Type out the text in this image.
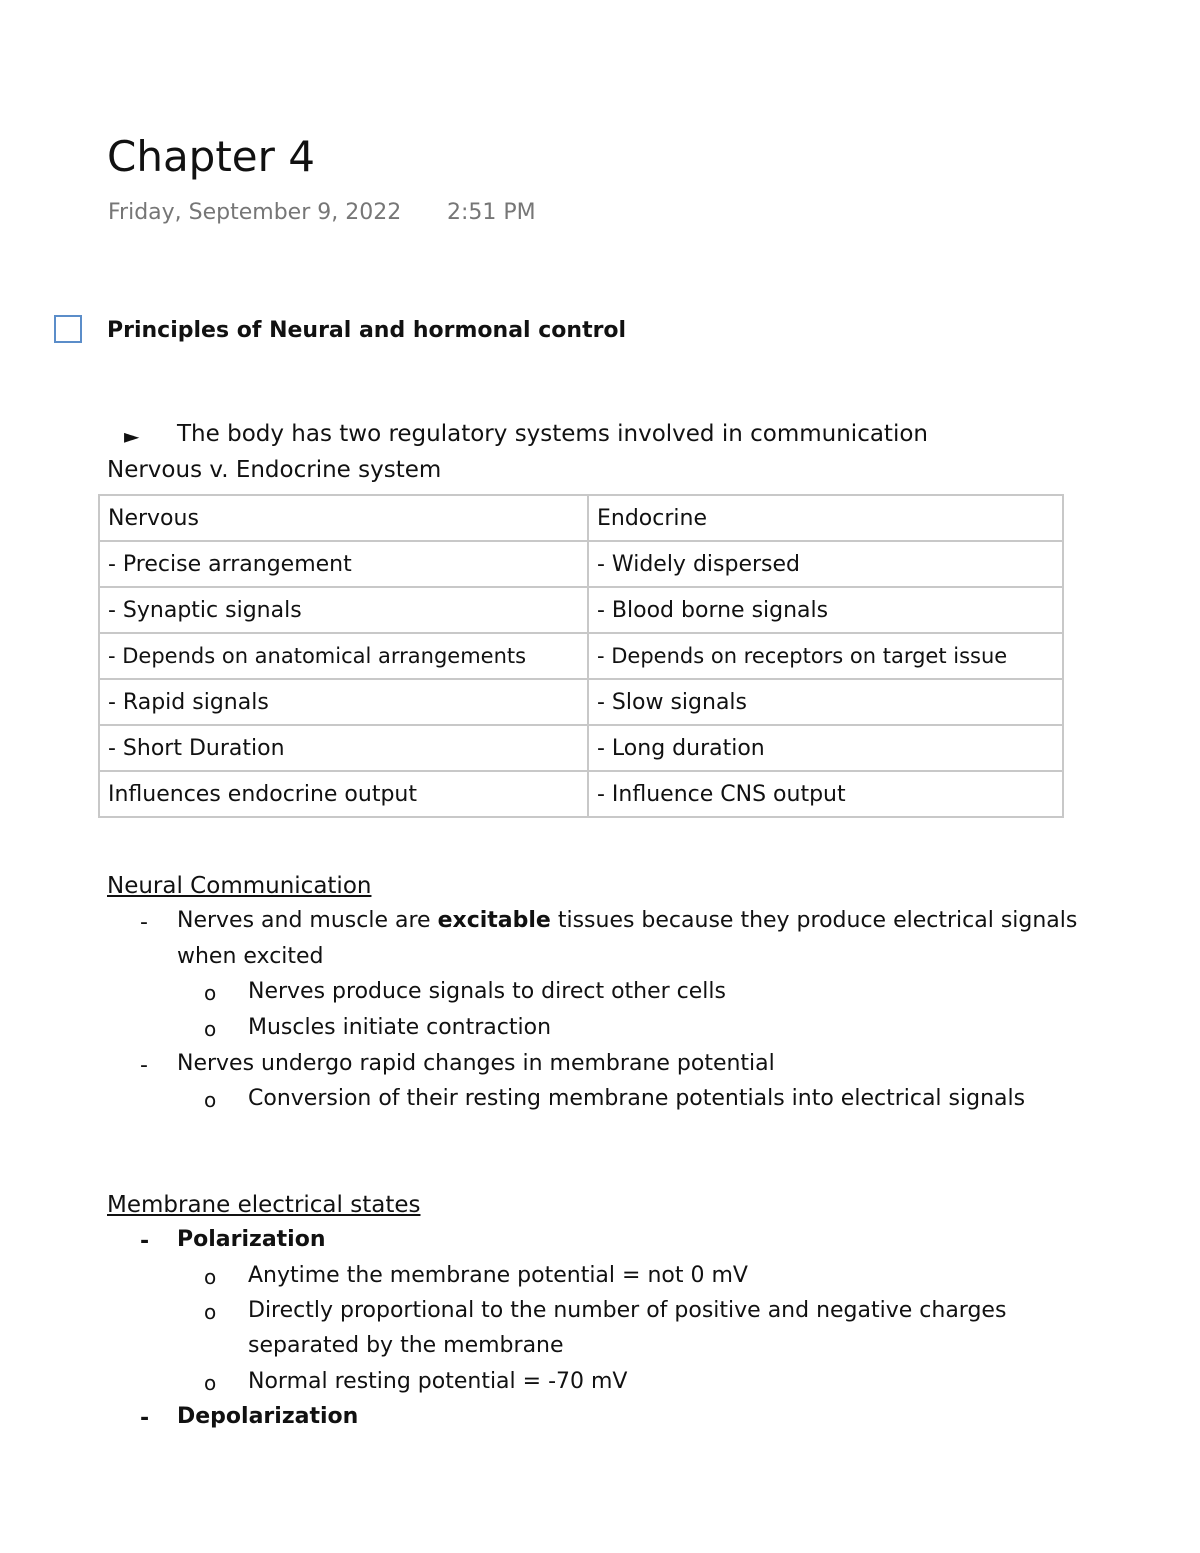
Chapter 4
Friday, September 9, 2022 2:51 PM
Principles of Neural and hormonal control
► The body has two regulatory systems involved in communication
Nervous v. Endocrine system
Nervous	Endocrine
- Precise arrangement	- Widely dispersed
- Synaptic signals	- Blood borne signals
- Depends on anatomical arrangements	- Depends on receptors on target issue
- Rapid signals	- Slow signals
- Short Duration	- Long duration
Influences endocrine output	- Influence CNS output
Neural Communication
- Nerves and muscle are excitable tissues because they produce electrical signals
when excited
o Nerves produce signals to direct other cells
o Muscles initiate contraction
- Nerves undergo rapid changes in membrane potential
o Conversion of their resting membrane potentials into electrical signals
Membrane electrical states
- Polarization
o Anytime the membrane potential = not 0 mV
o Directly proportional to the number of positive and negative charges
separated by the membrane
o Normal resting potential = -70 mV
- Depolarization
